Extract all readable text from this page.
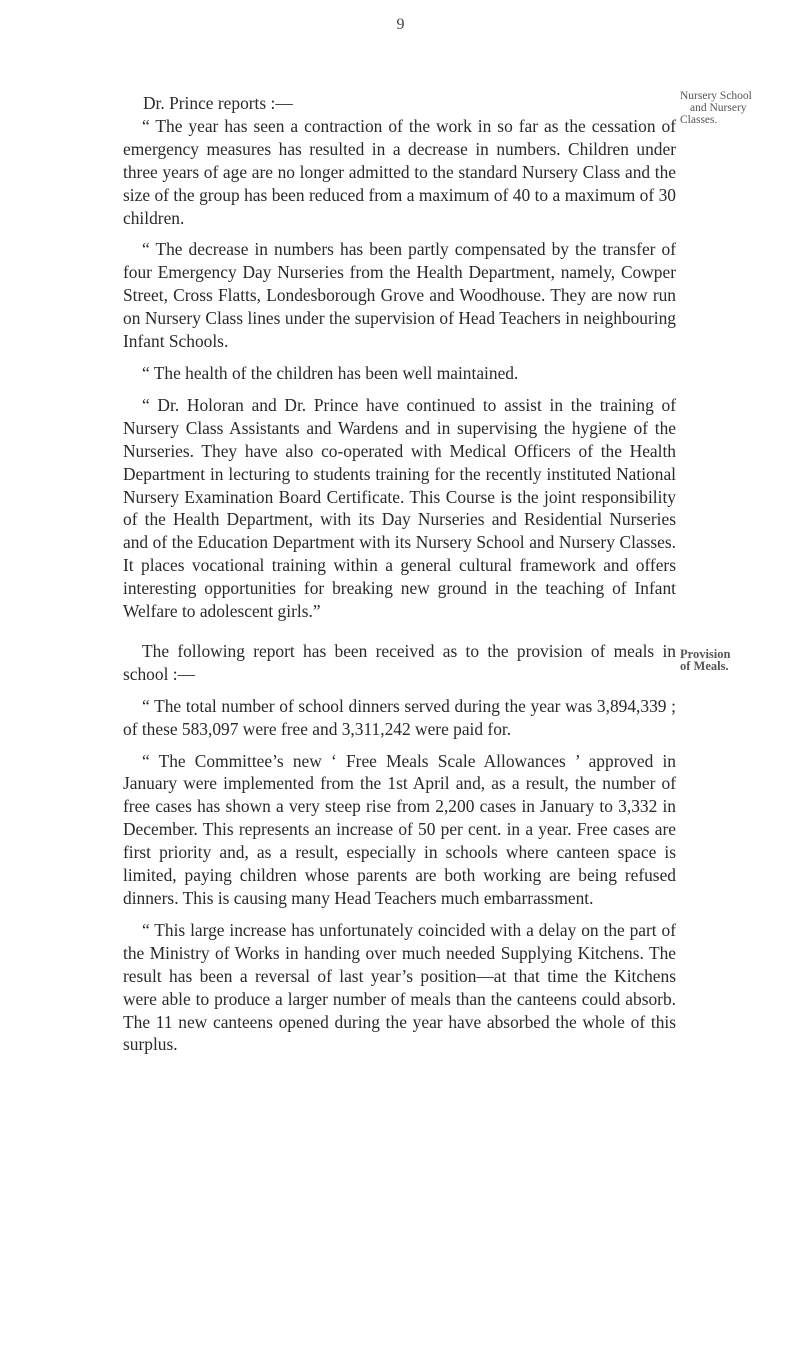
9
Nursery School
and Nursery
Classes.
Provision
of Meals.

Dr. Prince reports :—

“ The year has seen a contraction of the work in so far as the cessation of emergency measures has resulted in a decrease in numbers. Children under three years of age are no longer admitted to the standard Nursery Class and the size of the group has been reduced from a maximum of 40 to a maximum of 30 children.

“ The decrease in numbers has been partly compensated by the transfer of four Emergency Day Nurseries from the Health Department, namely, Cowper Street, Cross Flatts, Londesborough Grove and Woodhouse. They are now run on Nursery Class lines under the supervision of Head Teachers in neighbouring Infant Schools.

“ The health of the children has been well maintained.

“ Dr. Holoran and Dr. Prince have continued to assist in the training of Nursery Class Assistants and Wardens and in supervising the hygiene of the Nurseries. They have also co-operated with Medical Officers of the Health Department in lecturing to students training for the recently instituted National Nursery Examination Board Certificate. This Course is the joint responsibility of the Health Department, with its Day Nurseries and Residential Nurseries and of the Education Department with its Nursery School and Nursery Classes. It places vocational training within a general cultural framework and offers interesting opportunities for breaking new ground in the teaching of Infant Welfare to adolescent girls.”

The following report has been received as to the provision of meals in school :—

“ The total number of school dinners served during the year was 3,894,339 ; of these 583,097 were free and 3,311,242 were paid for.

“ The Committee’s new ‘ Free Meals Scale Allowances ’ approved in January were implemented from the 1st April and, as a result, the number of free cases has shown a very steep rise from 2,200 cases in January to 3,332 in December. This represents an increase of 50 per cent. in a year. Free cases are first priority and, as a result, especially in schools where canteen space is limited, paying children whose parents are both working are being refused dinners. This is causing many Head Teachers much embarrassment.

“ This large increase has unfortunately coincided with a delay on the part of the Ministry of Works in handing over much needed Supplying Kitchens. The result has been a reversal of last year’s position—at that time the Kitchens were able to produce a larger number of meals than the canteens could absorb. The 11 new canteens opened during the year have absorbed the whole of this surplus.
